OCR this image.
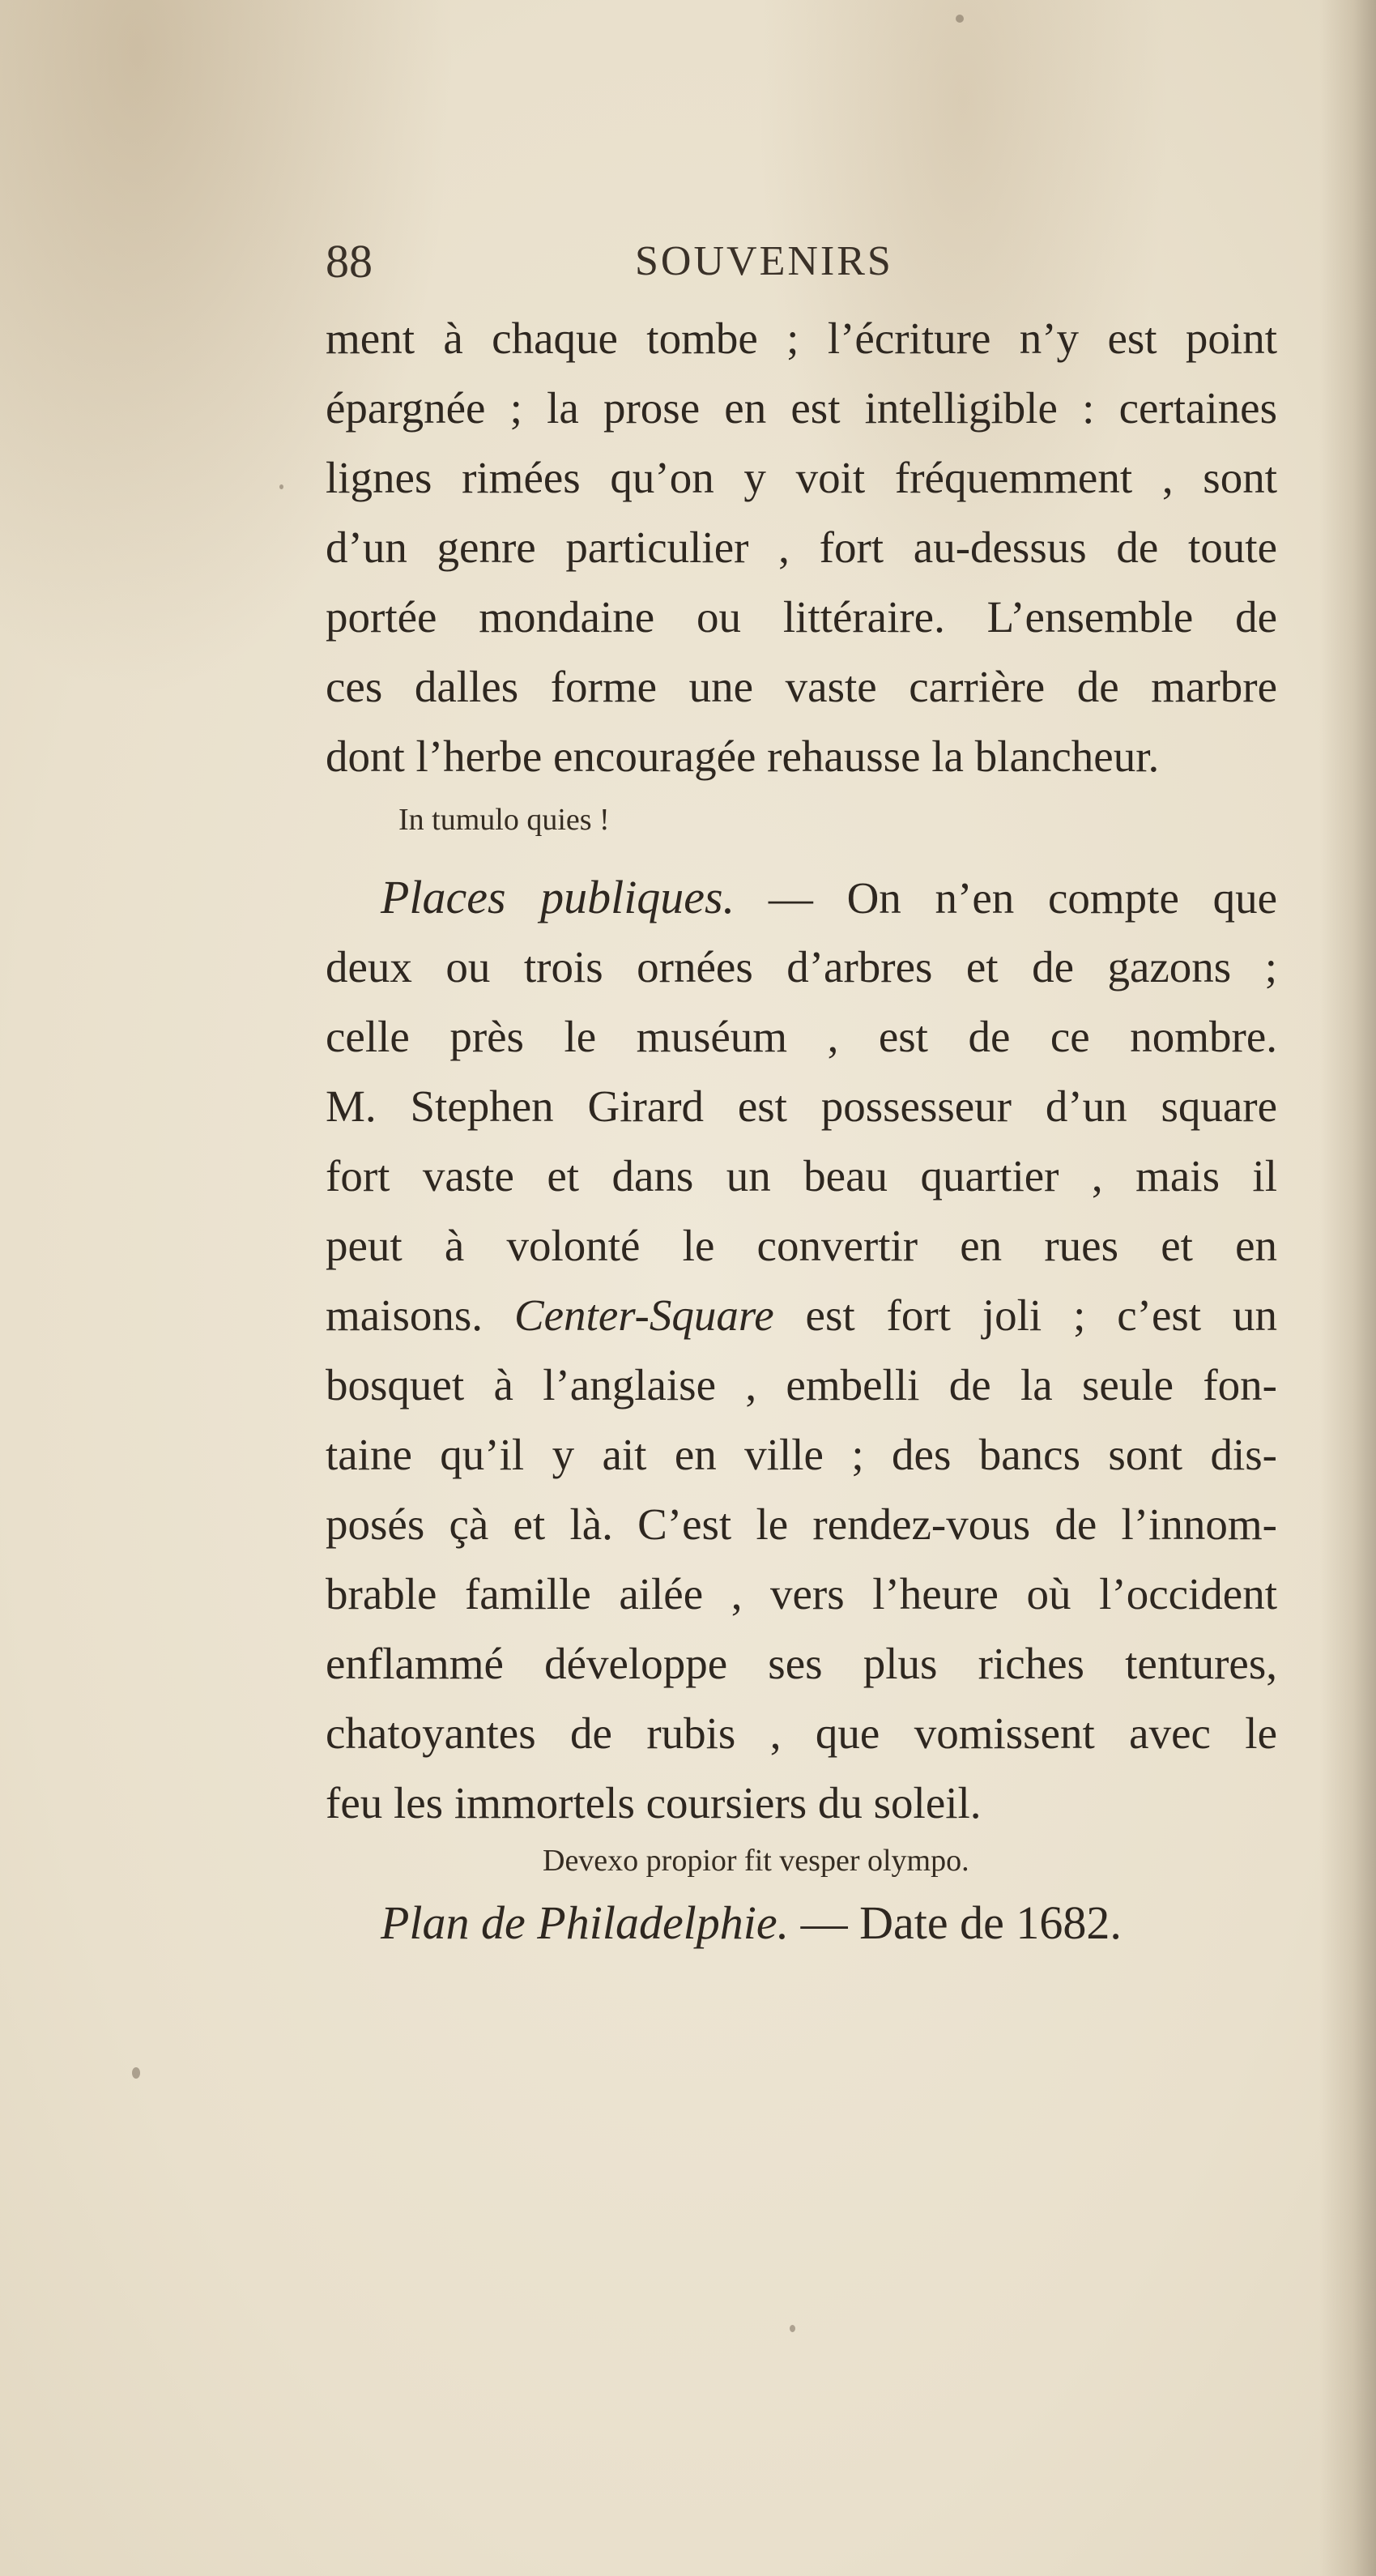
88	SOUVENIRS
ment à chaque tombe ; l’écriture n’y est point
épargnée ; la prose en est intelligible : certaines
lignes rimées qu’on y voit fréquemment , sont
d’un genre particulier , fort au-dessus de toute
portée mondaine ou littéraire. L’ensemble de
ces dalles forme une vaste carrière de marbre
dont l’herbe encouragée rehausse la blancheur.
In tumulo quies !
Places publiques. — On n’en compte que
deux ou trois ornées d’arbres et de gazons ;
celle près le muséum , est de ce nombre.
M. Stephen Girard est possesseur d’un square
fort vaste et dans un beau quartier , mais il
peut à volonté le convertir en rues et en
maisons. Center-Square est fort joli ; c’est un
bosquet à l’anglaise , embelli de la seule fon-
taine qu’il y ait en ville ; des bancs sont dis-
posés çà et là. C’est le rendez-vous de l’innom-
brable famille ailée , vers l’heure où l’occident
enflammé développe ses plus riches tentures,
chatoyantes de rubis , que vomissent avec le
feu les immortels coursiers du soleil.
Devexo propior fit vesper olympo.
Plan de Philadelphie. — Date de 1682.
